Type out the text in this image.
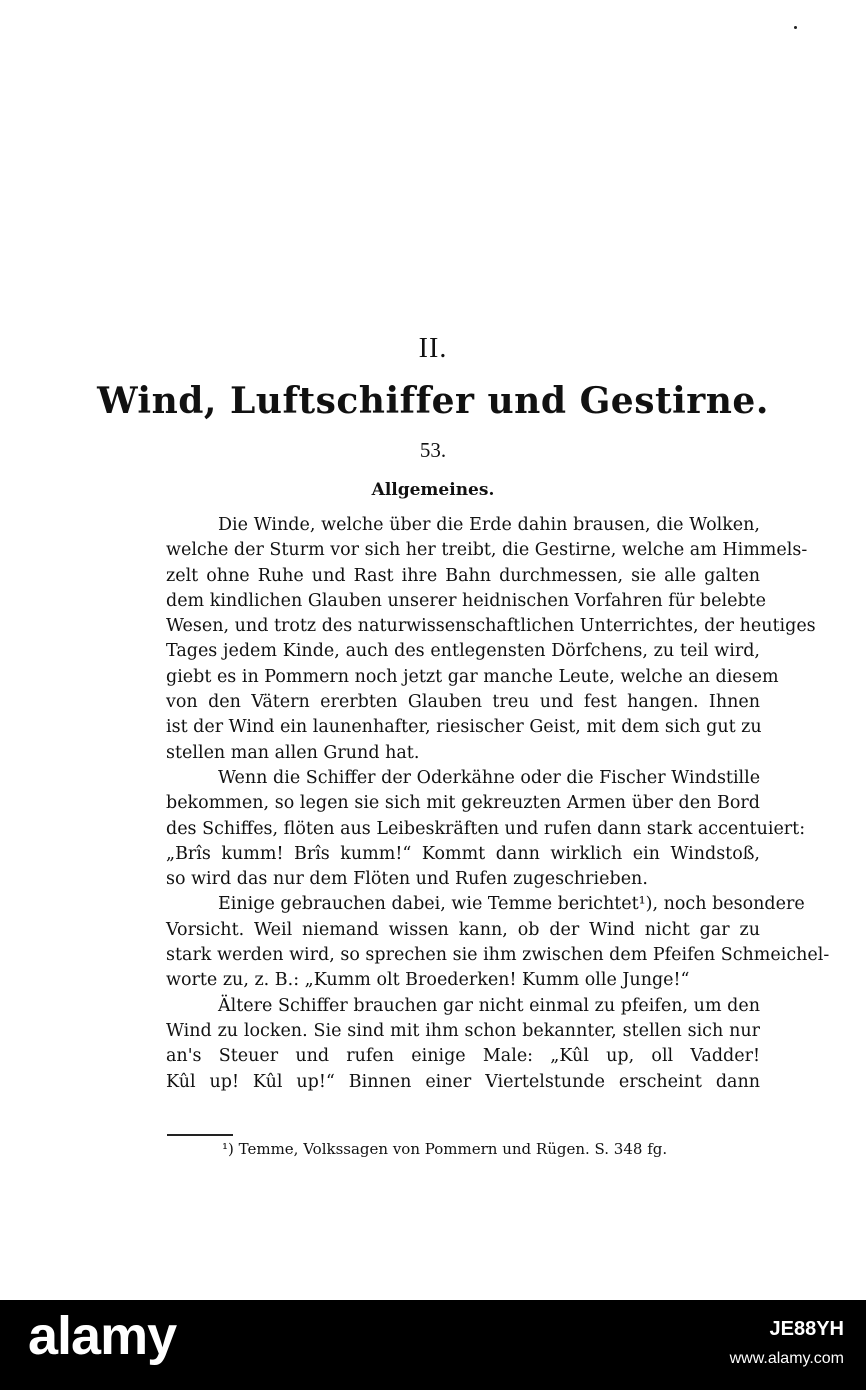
II.
Wind, Luftschiffer und Gestirne.
53.
Allgemeines.
Die Winde, welche über die Erde dahin brausen, die Wolken,
welche der Sturm vor sich her treibt, die Gestirne, welche am Himmels-
zelt ohne Ruhe und Rast ihre Bahn durchmessen, sie alle galten
dem kindlichen Glauben unserer heidnischen Vorfahren für belebte
Wesen, und trotz des naturwissenschaftlichen Unterrichtes, der heutiges
Tages jedem Kinde, auch des entlegensten Dörfchens, zu teil wird,
giebt es in Pommern noch jetzt gar manche Leute, welche an diesem
von den Vätern ererbten Glauben treu und fest hangen. Ihnen
ist der Wind ein launenhafter, riesischer Geist, mit dem sich gut zu
stellen man allen Grund hat.
Wenn die Schiffer der Oderkähne oder die Fischer Windstille
bekommen, so legen sie sich mit gekreuzten Armen über den Bord
des Schiffes, flöten aus Leibeskräften und rufen dann stark accentuiert:
„Brîs kumm! Brîs kumm!“ Kommt dann wirklich ein Windstoß,
so wird das nur dem Flöten und Rufen zugeschrieben.
Einige gebrauchen dabei, wie Temme berichtet¹), noch besondere
Vorsicht. Weil niemand wissen kann, ob der Wind nicht gar zu
stark werden wird, so sprechen sie ihm zwischen dem Pfeifen Schmeichel-
worte zu, z. B.: „Kumm olt Broederken! Kumm olle Junge!“
Ältere Schiffer brauchen gar nicht einmal zu pfeifen, um den
Wind zu locken. Sie sind mit ihm schon bekannter, stellen sich nur
an's Steuer und rufen einige Male: „Kûl up, oll Vadder!
Kûl up! Kûl up!“ Binnen einer Viertelstunde erscheint dann
¹) Temme, Volkssagen von Pommern und Rügen. S. 348 fg.
alamy	JE88YH
www.alamy.com
